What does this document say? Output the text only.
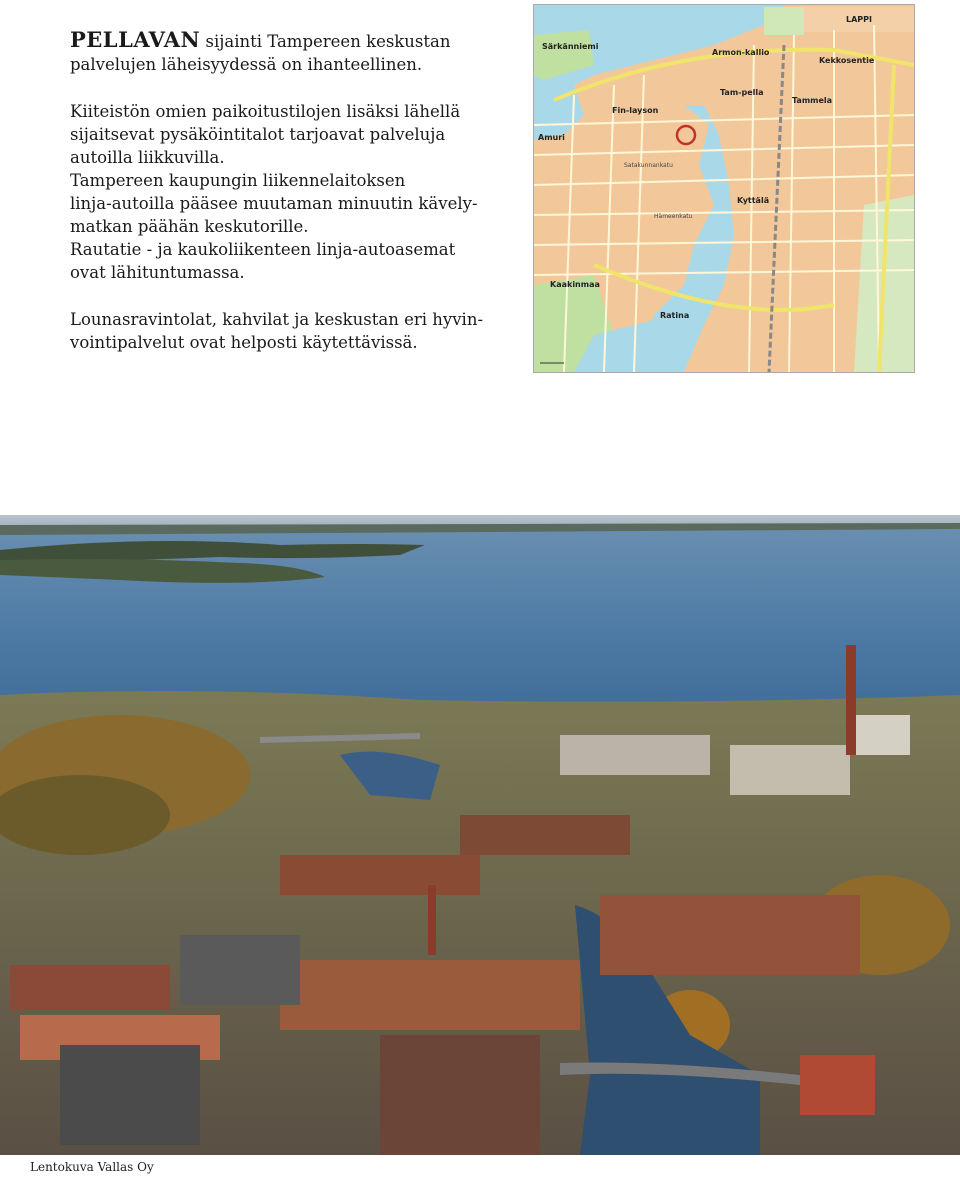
PELLAVAN sijainti Tampereen keskustan
palvelujen läheisyydessä on ihanteellinen.
Kiiteistön omien paikoitustilojen lisäksi lähellä
sijaitsevat pysäköintitalot tarjoavat palveluja
autoilla liikkuvilla.
Tampereen kaupungin liikennelaitoksen
linja-autoilla pääsee muutaman minuutin kävely-
matkan päähän keskutorille.
Rautatie - ja kaukoliikenteen linja-autoasemat
ovat lähituntumassa.
Lounasravintolat, kahvilat ja keskustan eri hyvin-
vointipalvelut ovat helposti käytettävissä.
Särkänniemi
LAPPI
Armon-kallio
Kekkosentie
Fin-layson
Tam-pella
Tammela
Amuri
Kyttälä
Kaakinmaa
Ratina
Hämeenkatu
Satakunnankatu
Lentokuva Vallas Oy
